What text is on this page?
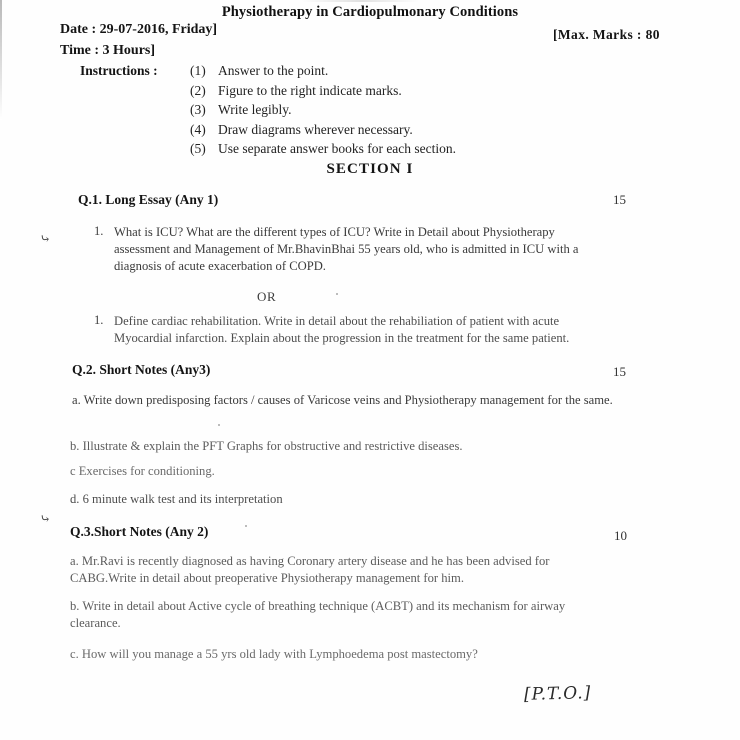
Physiotherapy in Cardiopulmonary Conditions
Date : 29-07-2016, Friday]
Time : 3 Hours]
[Max. Marks : 80
Instructions : (1) Answer to the point.
(2) Figure to the right indicate marks.
(3) Write legibly.
(4) Draw diagrams wherever necessary.
(5) Use separate answer books for each section.
SECTION I
Q.1. Long Essay (Any 1)	15
1. What is ICU? What are the different types of ICU? Write in Detail about Physiotherapy assessment and Management of Mr.BhavinBhai 55 years old, who is admitted in ICU with a diagnosis of acute exacerbation of COPD.
OR
1. Define cardiac rehabilitation. Write in detail about the rehabiliation of patient with acute Myocardial infarction. Explain about the progression in the treatment for the same patient.
Q.2. Short Notes (Any3)	15
a. Write down predisposing factors / causes of Varicose veins and Physiotherapy management for the same.
b. Illustrate & explain the PFT Graphs for obstructive and restrictive diseases.
c Exercises for conditioning.
d. 6 minute walk test and its interpretation
Q.3.Short Notes (Any 2)	10
a. Mr.Ravi is recently diagnosed as having Coronary artery disease and he has been advised for CABG.Write in detail about preoperative Physiotherapy management for him.
b. Write in detail about Active cycle of breathing technique (ACBT) and its mechanism for airway clearance.
c. How will you manage a 55 yrs old lady with Lymphoedema post mastectomy?
⤷
⤷
[P.T.O.]
